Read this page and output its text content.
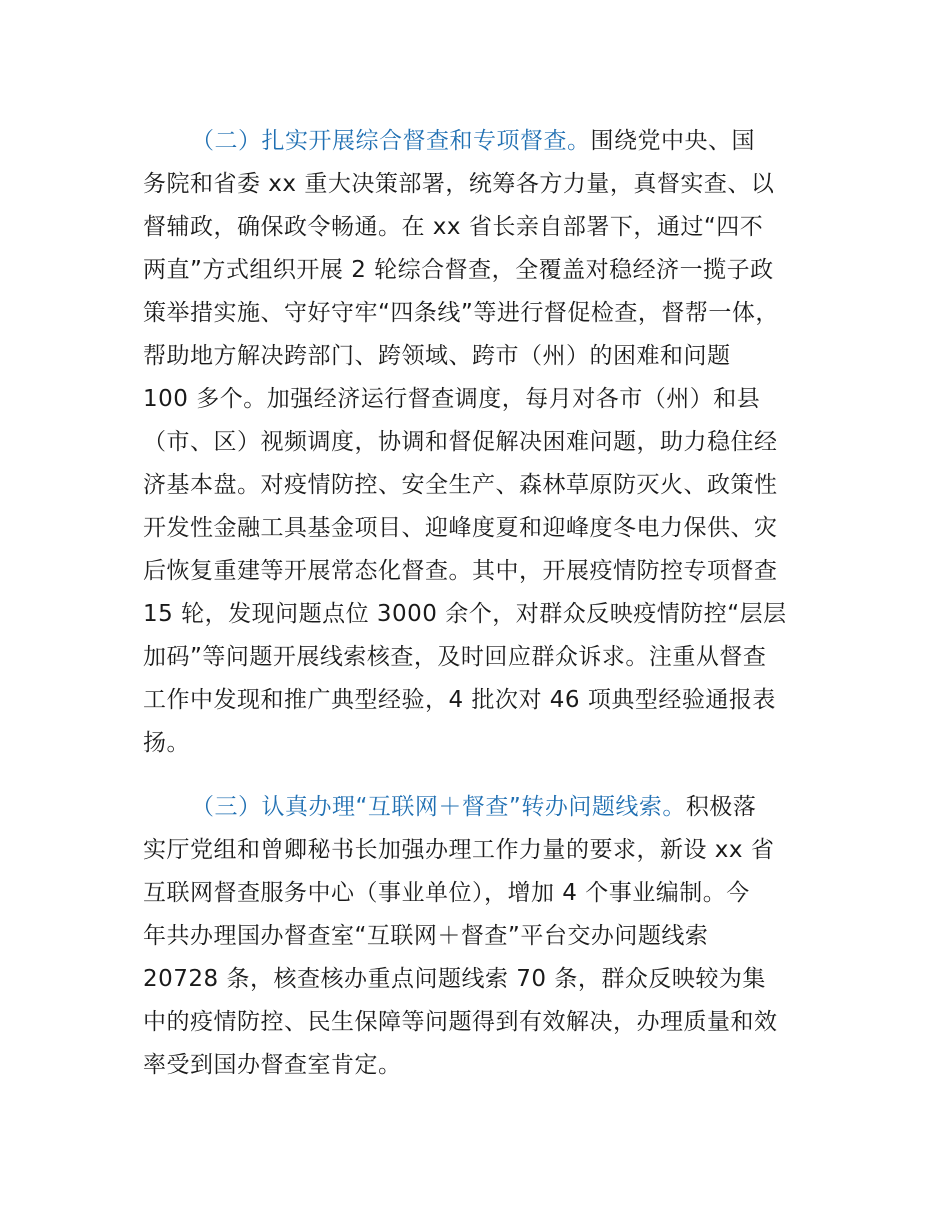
（二）扎实开展综合督查和专项督查。围绕党中央、国
务院和省委 xx 重大决策部署，统筹各方力量，真督实查、以
督辅政，确保政令畅通。在 xx 省长亲自部署下，通过“四不
两直”方式组织开展 2 轮综合督查，全覆盖对稳经济一揽子政
策举措实施、守好守牢“四条线”等进行督促检查，督帮一体，
帮助地方解决跨部门、跨领域、跨市（州）的困难和问题
100 多个。加强经济运行督查调度，每月对各市（州）和县
（市、区）视频调度，协调和督促解决困难问题，助力稳住经
济基本盘。对疫情防控、安全生产、森林草原防灭火、政策性
开发性金融工具基金项目、迎峰度夏和迎峰度冬电力保供、灾
后恢复重建等开展常态化督查。其中，开展疫情防控专项督查
15 轮，发现问题点位 3000 余个，对群众反映疫情防控“层层
加码”等问题开展线索核查，及时回应群众诉求。注重从督查
工作中发现和推广典型经验，4 批次对 46 项典型经验通报表
扬。
（三）认真办理“互联网＋督查”转办问题线索。积极落
实厅党组和曾卿秘书长加强办理工作力量的要求，新设 xx 省
互联网督查服务中心（事业单位），增加 4 个事业编制。今
年共办理国办督查室“互联网＋督查”平台交办问题线索
20728 条，核查核办重点问题线索 70 条，群众反映较为集
中的疫情防控、民生保障等问题得到有效解决，办理质量和效
率受到国办督查室肯定。
